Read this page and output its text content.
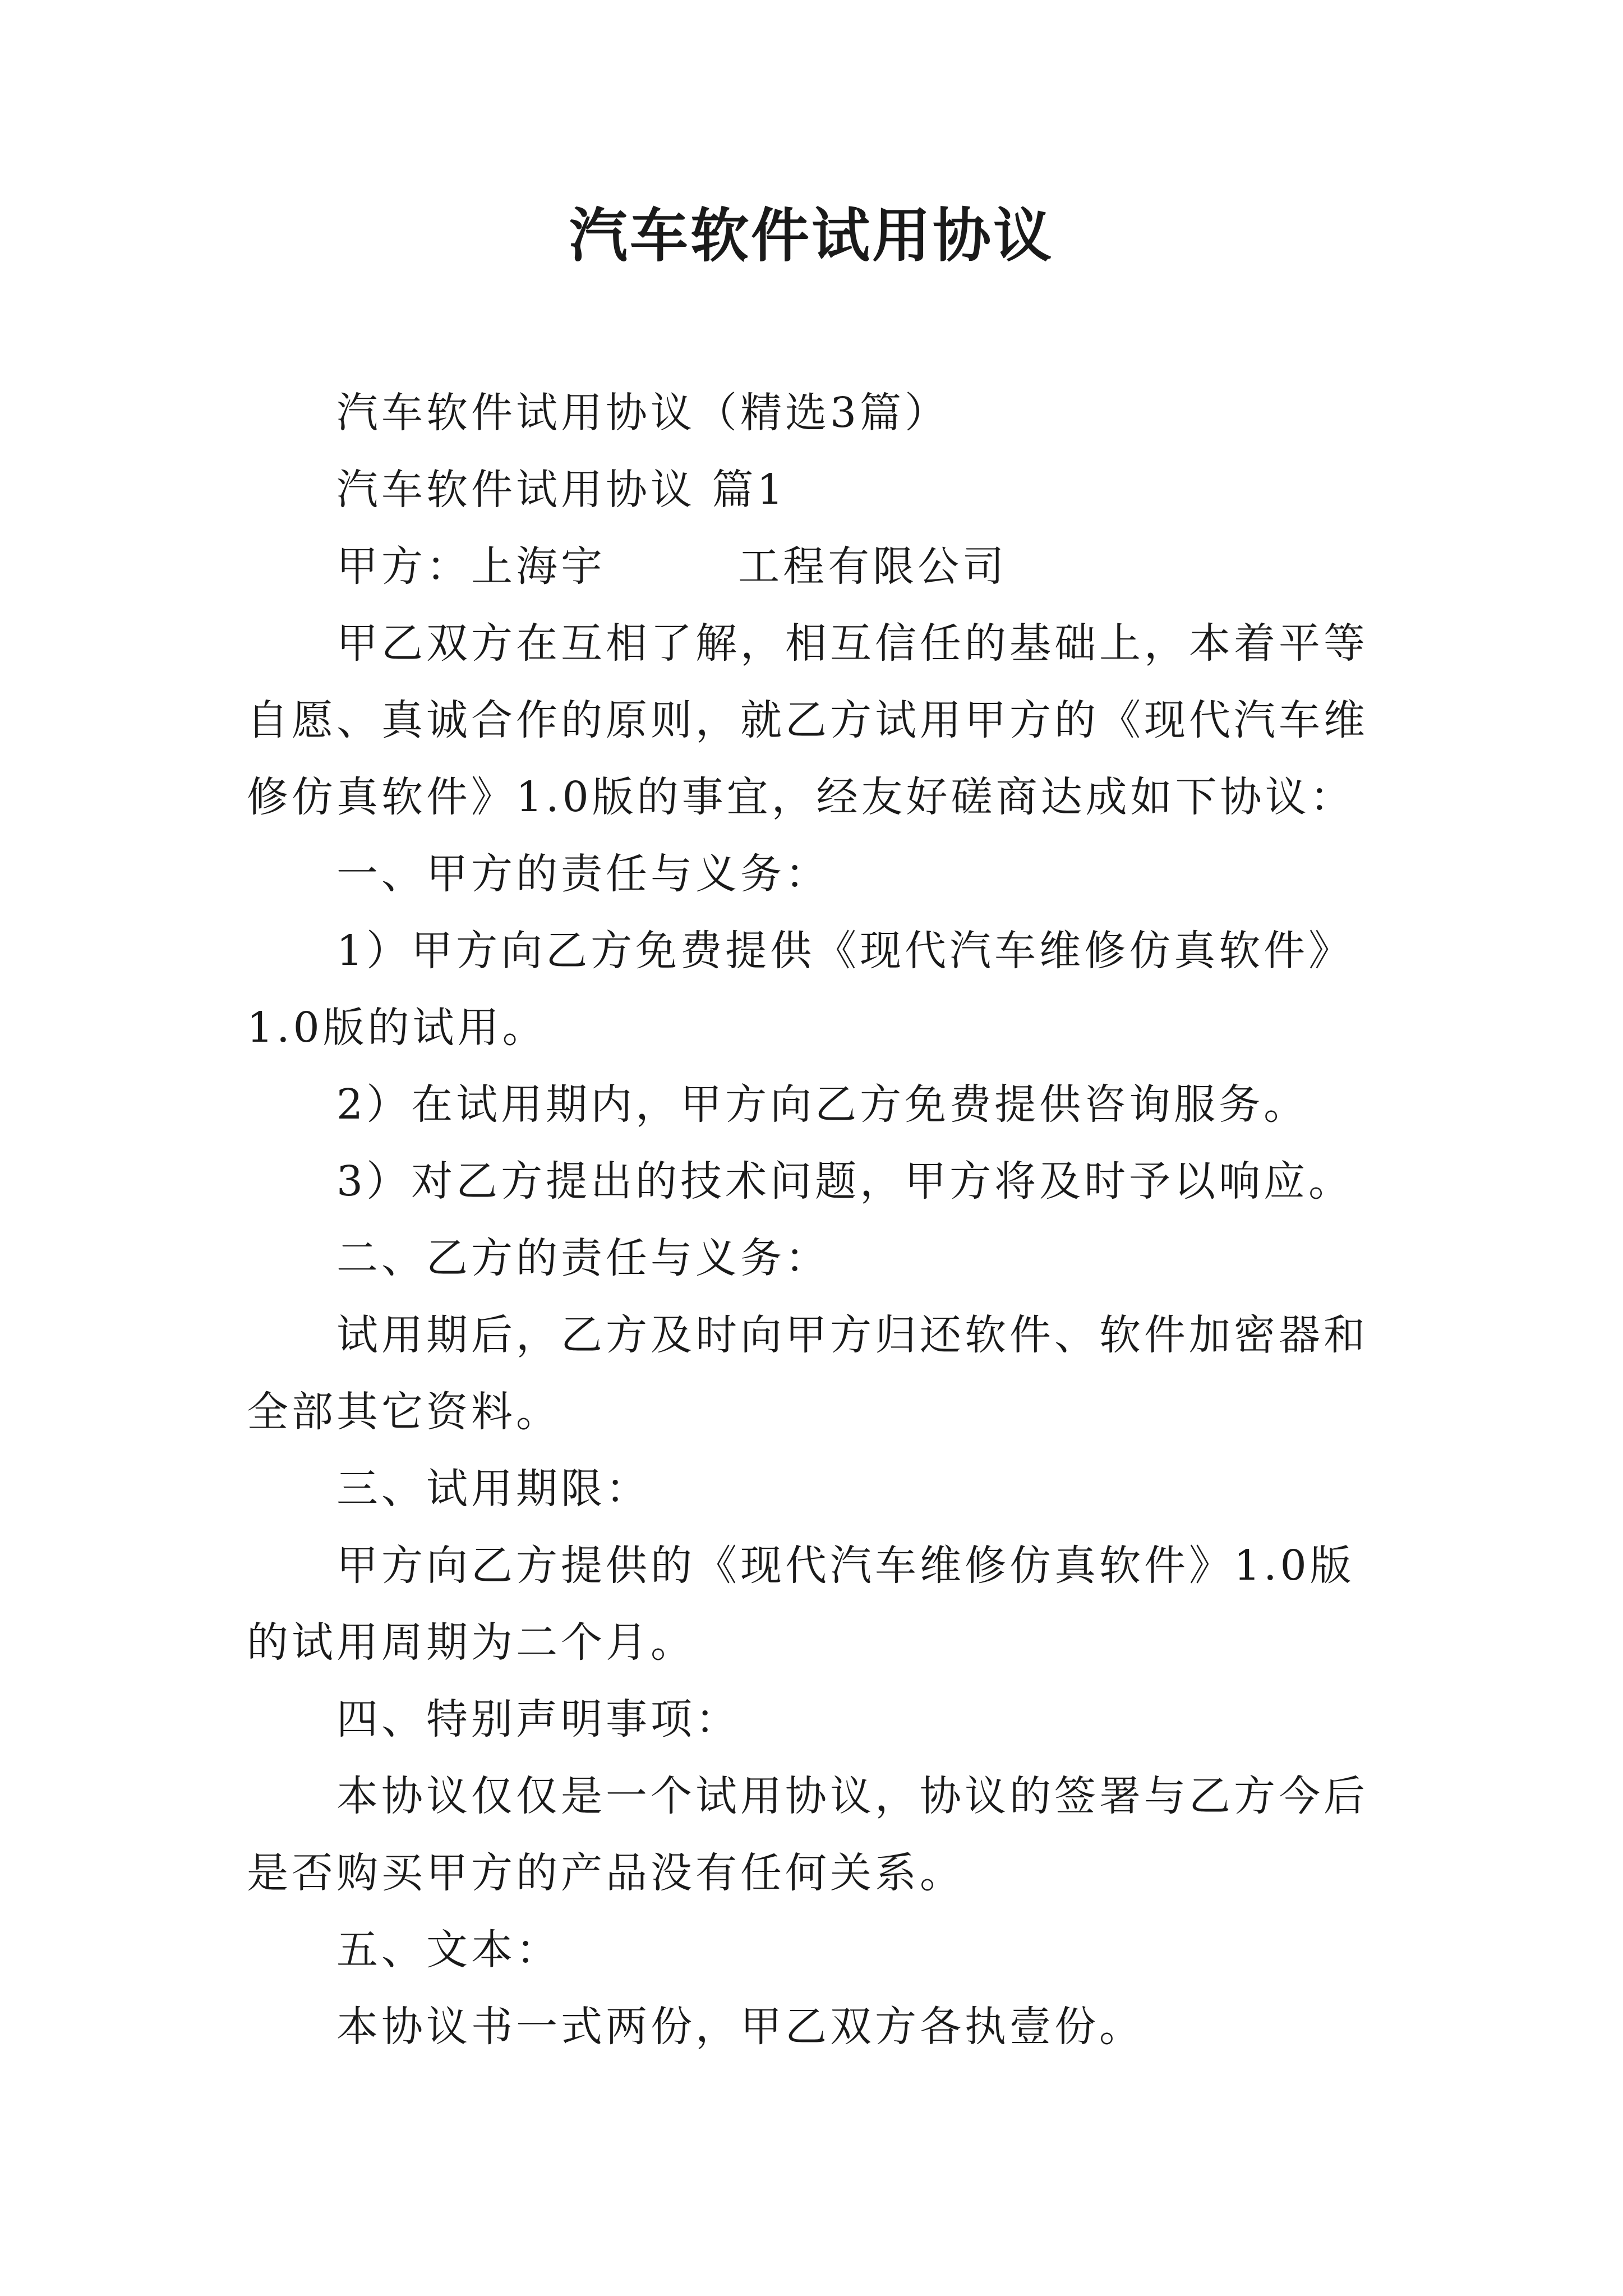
汽车软件试用协议

汽车软件试用协议（精选3篇）

汽车软件试用协议 篇1

甲方：上海宇        工程有限公司

甲乙双方在互相了解，相互信任的基础上，本着平等自愿、真诚合作的原则，就乙方试用甲方的《现代汽车维修仿真软件》1.0版的事宜，经友好磋商达成如下协议：

一、甲方的责任与义务：

1）甲方向乙方免费提供《现代汽车维修仿真软件》1.0版的试用。

2）在试用期内，甲方向乙方免费提供咨询服务。

3）对乙方提出的技术问题，甲方将及时予以响应。

二、乙方的责任与义务：

试用期后，乙方及时向甲方归还软件、软件加密器和全部其它资料。

三、试用期限：

甲方向乙方提供的《现代汽车维修仿真软件》1.0版的试用周期为二个月。

四、特别声明事项：

本协议仅仅是一个试用协议，协议的签署与乙方今后是否购买甲方的产品没有任何关系。

五、文本：

本协议书一式两份，甲乙双方各执壹份。
